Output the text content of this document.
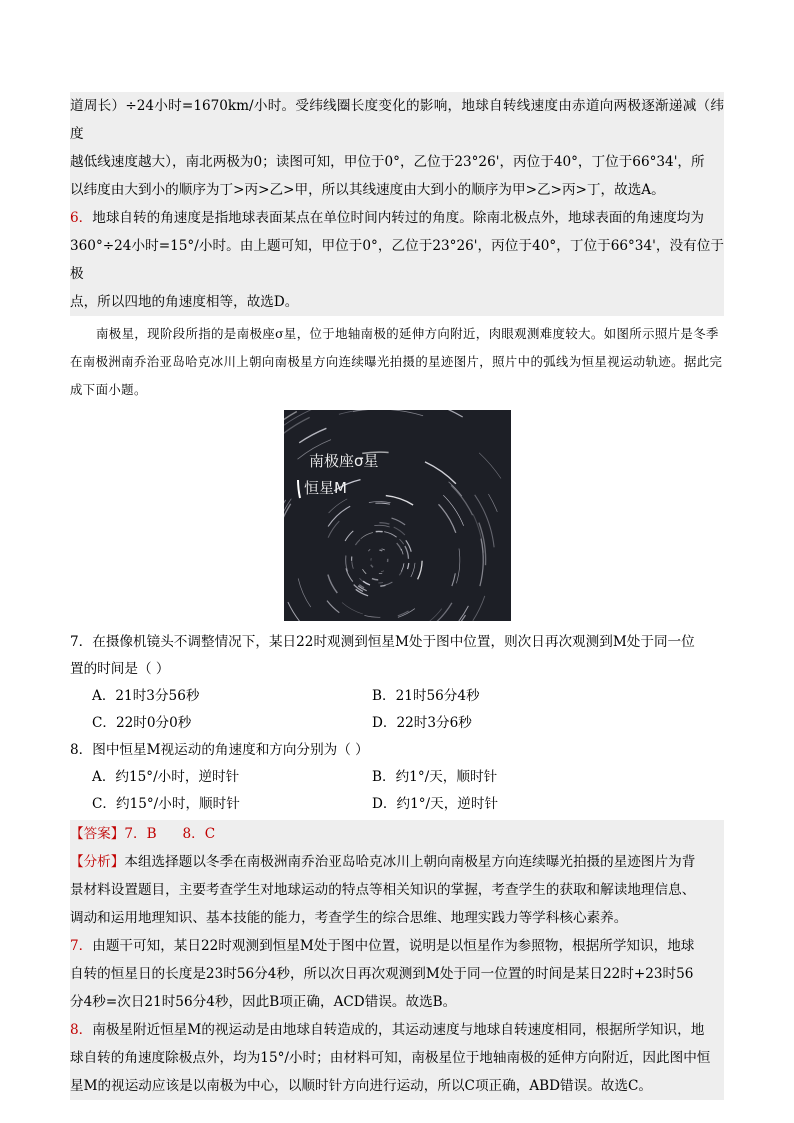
道周长）÷24小时=1670km/小时。受纬线圈长度变化的影响，地球自转线速度由赤道向两极逐渐递减（纬度

越低线速度越大），南北两极为0；读图可知，甲位于0°，乙位于23°26'，丙位于40°，丁位于66°34'，所

以纬度由大到小的顺序为丁>丙>乙>甲，所以其线速度由大到小的顺序为甲>乙>丙>丁，故选A。

6．地球自转的角速度是指地球表面某点在单位时间内转过的角度。除南北极点外，地球表面的角速度均为

360°÷24小时=15°/小时。由上题可知，甲位于0°，乙位于23°26'，丙位于40°，丁位于66°34'，没有位于极

点，所以四地的角速度相等，故选D。

南极星，现阶段所指的是南极座σ星，位于地轴南极的延伸方向附近，肉眼观测难度较大。如图所示照片是冬季在南极洲南乔治亚岛哈克冰川上朝向南极星方向连续曝光拍摄的星迹图片，照片中的弧线为恒星视运动轨迹。据此完成下面小题。

南极座σ星
恒星M

7．在摄像机镜头不调整情况下，某日22时观测到恒星M处于图中位置，则次日再次观测到M处于同一位

置的时间是（ ）

A．21时3分56秒	B．21时56分4秒
C．22时0分0秒	D．22时3分6秒

8．图中恒星M视运动的角速度和方向分别为（ ）

A．约15°/小时，逆时针	B．约1°/天，顺时针
C．约15°/小时，顺时针	D．约1°/天，逆时针

【答案】7．B      8．C

【分析】本组选择题以冬季在南极洲南乔治亚岛哈克冰川上朝向南极星方向连续曝光拍摄的星迹图片为背

景材料设置题目，主要考查学生对地球运动的特点等相关知识的掌握，考查学生的获取和解读地理信息、

调动和运用地理知识、基本技能的能力，考查学生的综合思维、地理实践力等学科核心素养。

7．由题干可知，某日22时观测到恒星M处于图中位置，说明是以恒星作为参照物，根据所学知识，地球

自转的恒星日的长度是23时56分4秒，所以次日再次观测到M处于同一位置的时间是某日22时+23时56

分4秒=次日21时56分4秒，因此B项正确，ACD错误。故选B。

8．南极星附近恒星M的视运动是由地球自转造成的，其运动速度与地球自转速度相同，根据所学知识，地

球自转的角速度除极点外，均为15°/小时；由材料可知，南极星位于地轴南极的延伸方向附近，因此图中恒

星M的视运动应该是以南极为中心，以顺时针方向进行运动，所以C项正确，ABD错误。故选C。
